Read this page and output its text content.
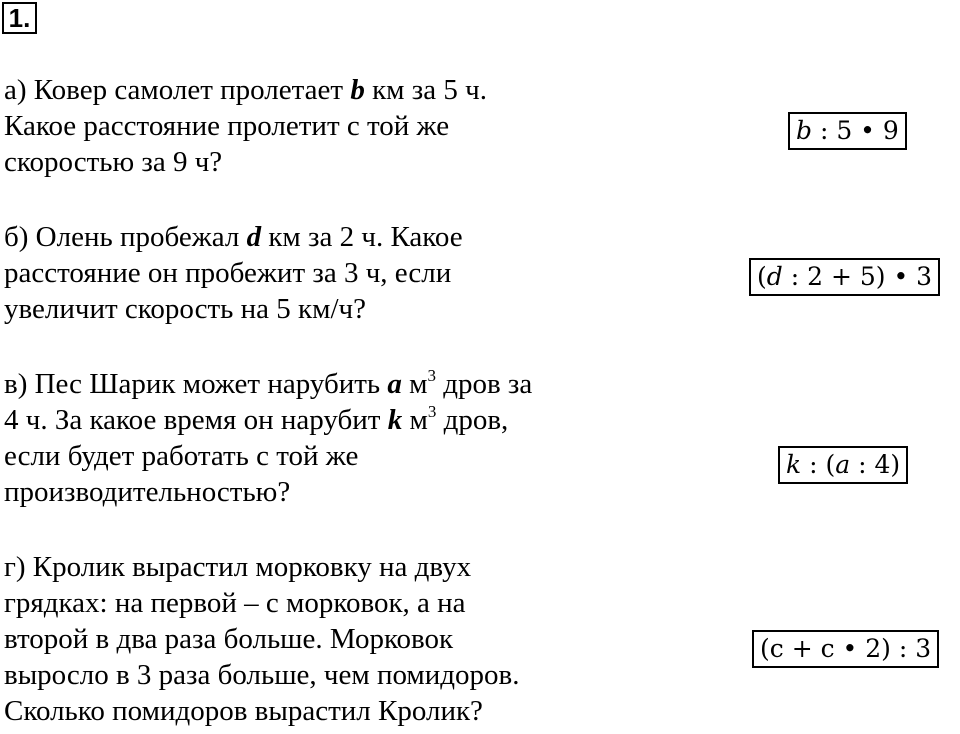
1.

а) Ковер самолет пролетает b км за 5 ч.
Какое расстояние пролетит с той же
скоростью за 9 ч?

б) Олень пробежал d км за 2 ч. Какое
расстояние он пробежит за 3 ч, если
увеличит скорость на 5 км/ч?

в) Пес Шарик может нарубить a $м^3$ дров за
4 ч. За какое время он нарубит k $м^3$ дров,
если будет работать с той же
производительностью?

г) Кролик вырастил морковку на двух
грядках: на первой – с морковок, а на
второй в два раза больше. Морковок
выросло в 3 раза больше, чем помидоров.
Сколько помидоров вырастил Кролик?

b : 5 • 9
(d : 2 + 5) • 3
k : (a : 4)
(c + c • 2) : 3
